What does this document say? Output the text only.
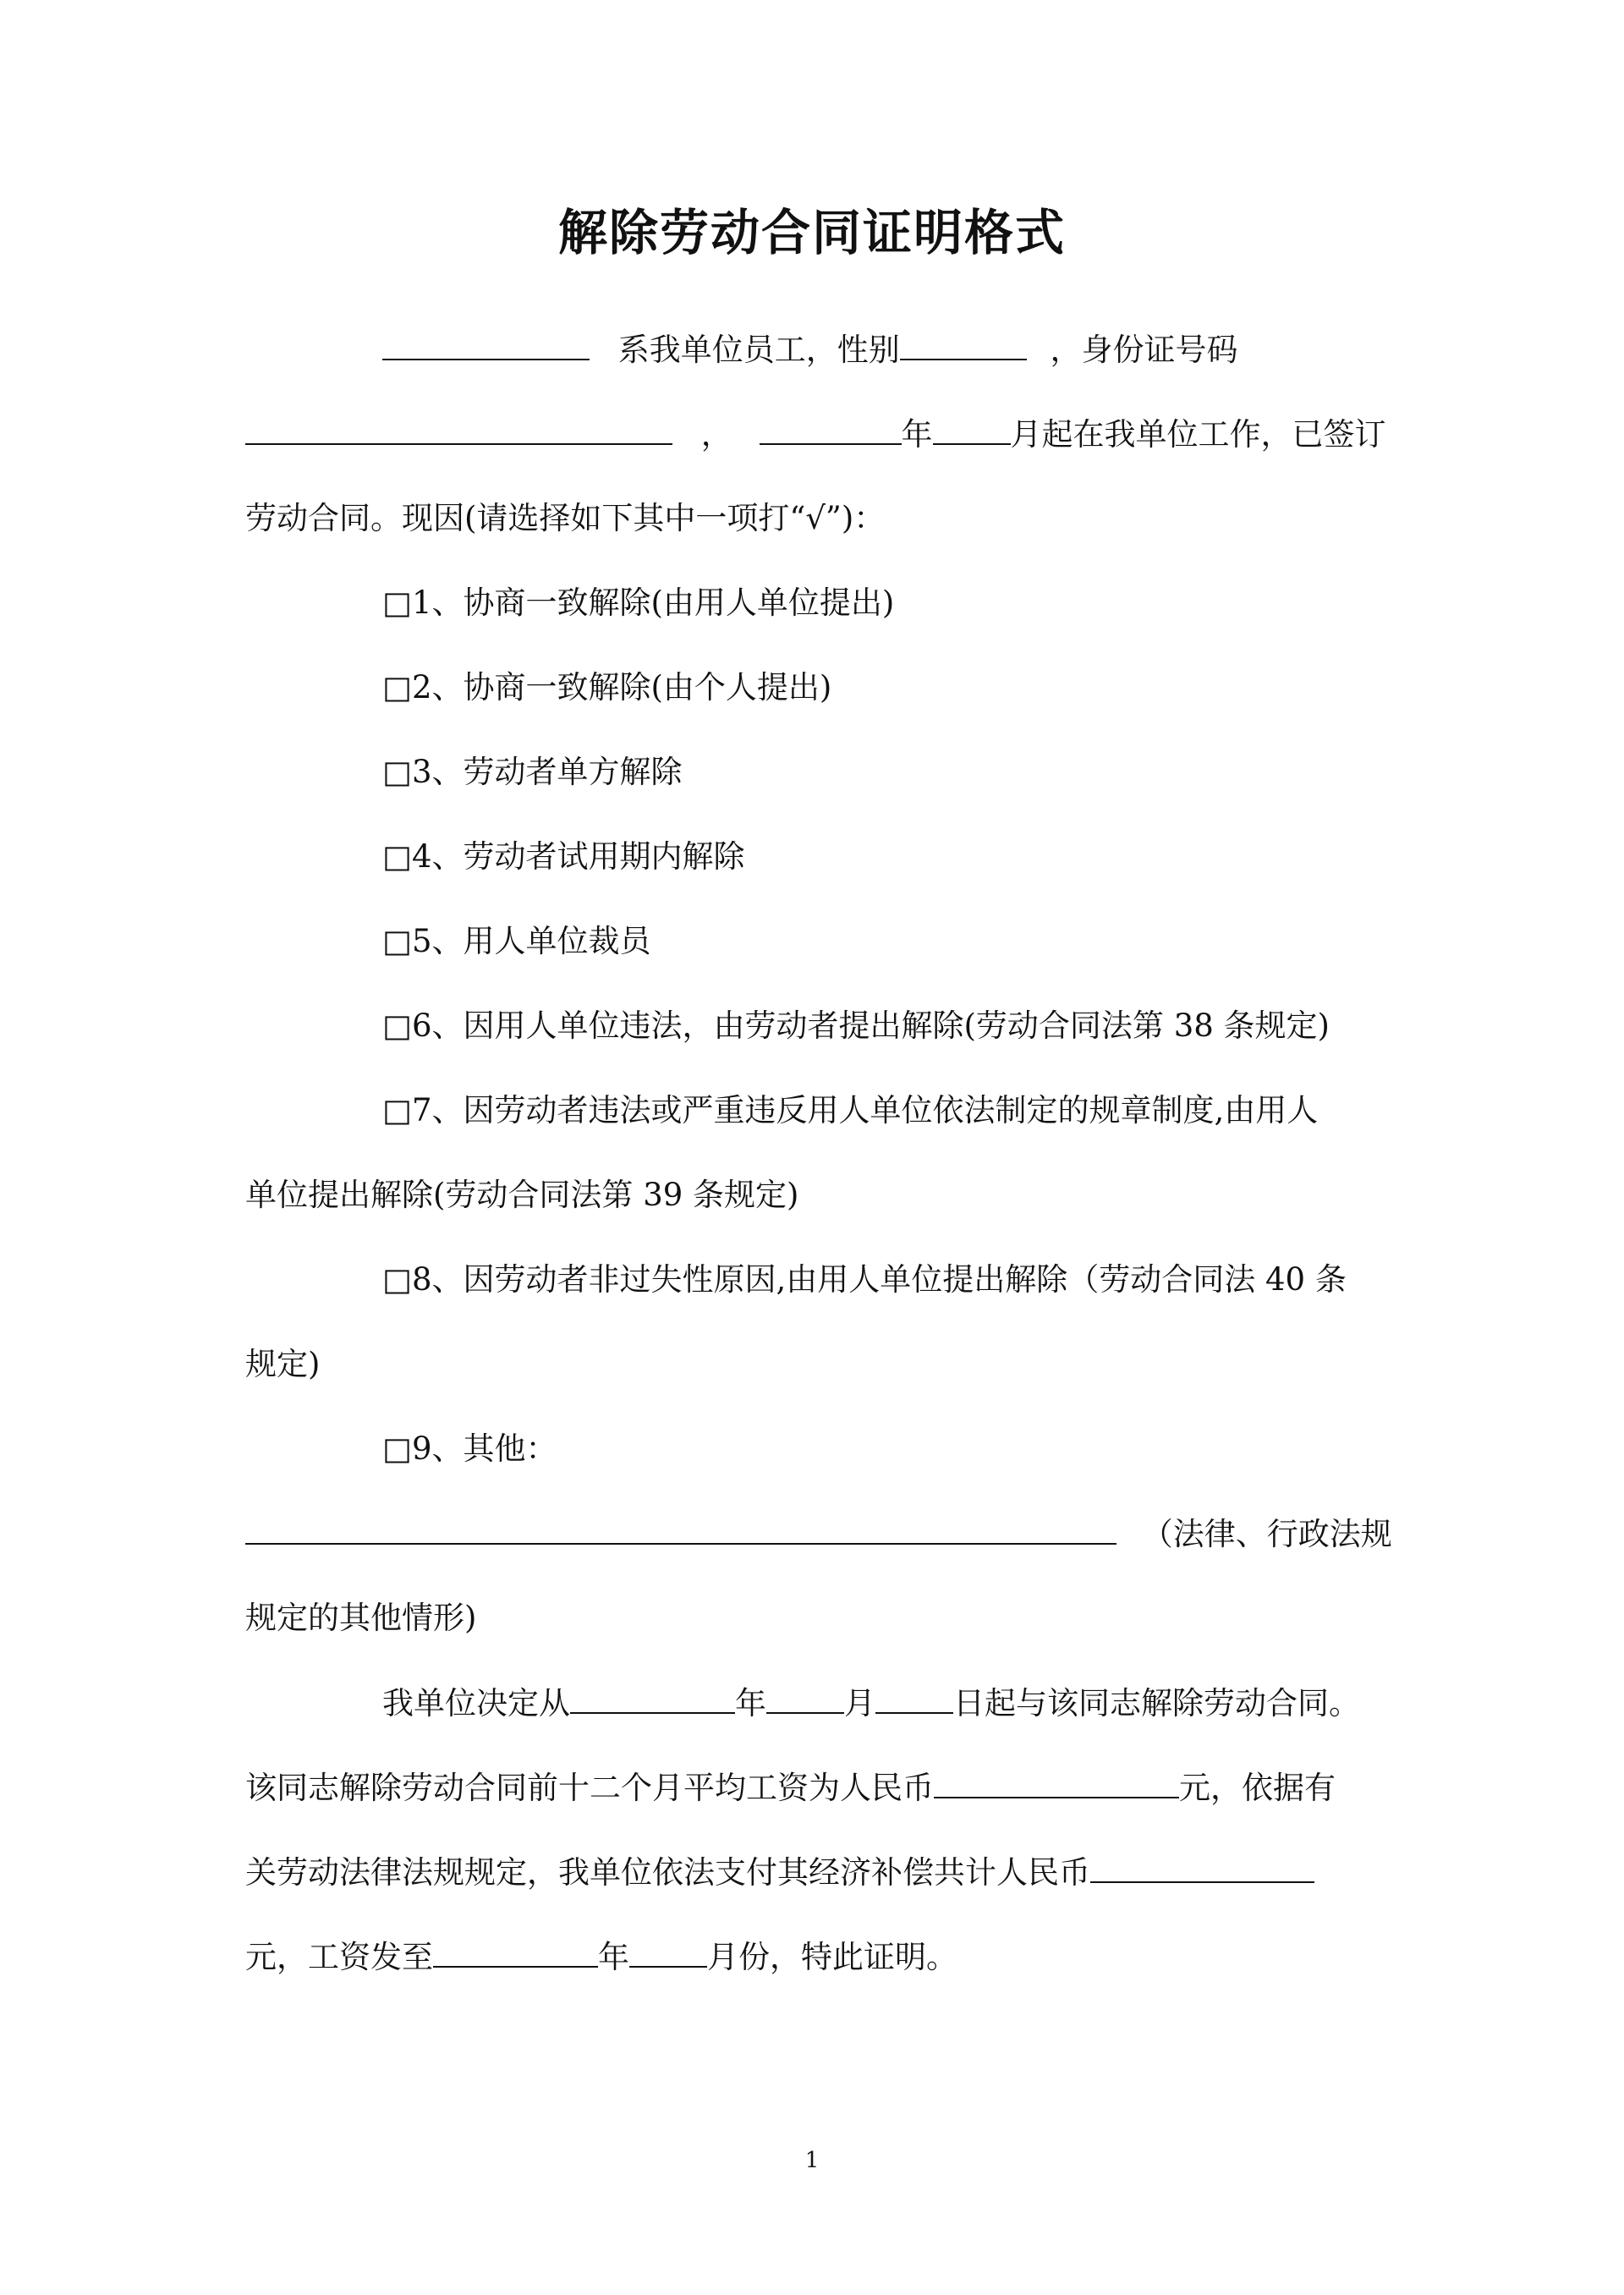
解除劳动合同证明格式
系我单位员工，性别	，身份证号码
，	年 月起在我单位工作，已签订
劳动合同。现因(请选择如下其中一项打“√”)：
□1、协商一致解除(由用人单位提出)
□2、协商一致解除(由个人提出)
□3、劳动者单方解除
□4、劳动者试用期内解除
□5、用人单位裁员
□6、因用人单位违法，由劳动者提出解除(劳动合同法第 38 条规定)
□7、因劳动者违法或严重违反用人单位依法制定的规章制度,由用人
单位提出解除(劳动合同法第 39 条规定)
□8、因劳动者非过失性原因,由用人单位提出解除（劳动合同法 40 条
规定)
□9、其他：
（法律、行政法规
规定的其他情形)
我单位决定从	年 月 日起与该同志解除劳动合同。
该同志解除劳动合同前十二个月平均工资为人民币	元，依据有
关劳动法律法规规定，我单位依法支付其经济补偿共计人民币
元，工资发至	年 月份，特此证明。
1
